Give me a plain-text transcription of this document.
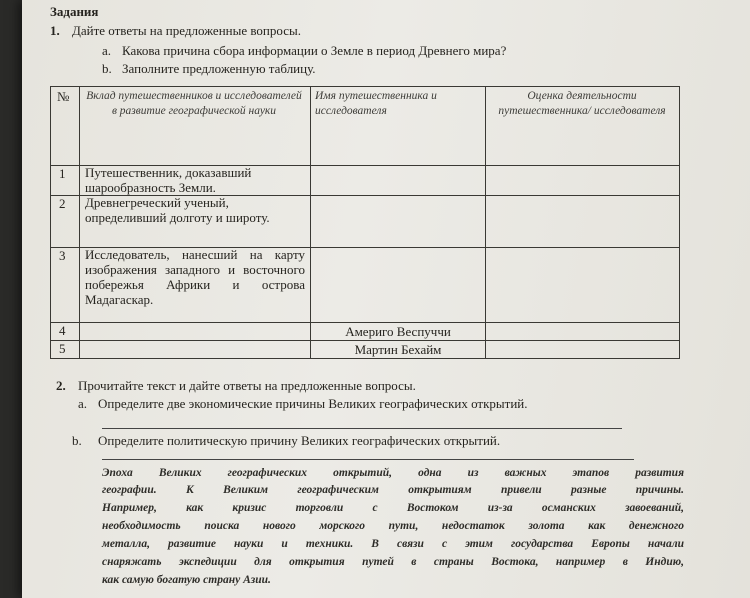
Задания
1. Дайте ответы на предложенные вопросы.
a. Какова причина сбора информации о Земле в период Древнего мира?
b. Заполните предложенную таблицу.
№ Вклад путешественников и исследователей в развитие географической науки
Имя путешественника и исследователя
Оценка деятельности путешественника/ исследователя
1 Путешественник, доказавший шарообразность Земли.
2 Древнегреческий ученый, определивший долготу и широту.
3 Исследователь, нанесший на карту изображения западного и восточного побережья Африки и острова Мадагаскар.
4	Америго Веспуччи
5	Мартин Бехайм
2. Прочитайте текст и дайте ответы на предложенные вопросы.
a. Определите две экономические причины Великих географических открытий.
b. Определите политическую причину Великих географических открытий.
Эпоха Великих географических открытий, одна из важных этапов развития
географии. К Великим географическим открытиям привели разные причины.
Например, как кризис торговли с Востоком из-за османских завоеваний,
необходимость поиска нового морского пути, недостаток золота как денежного
металла, развитие науки и техники. В связи с этим государства Европы начали
снаряжать экспедиции для открытия путей в страны Востока, например в Индию,
как самую богатую страну Азии.
